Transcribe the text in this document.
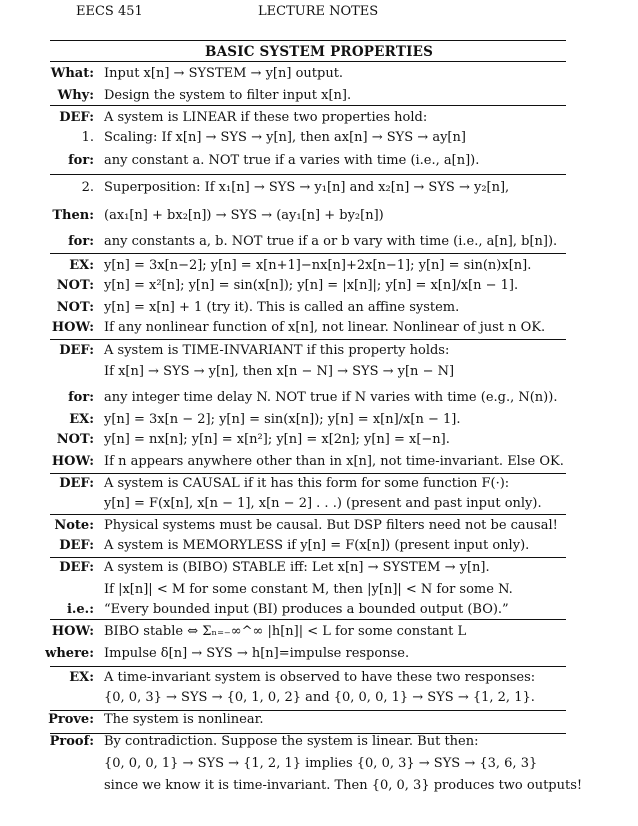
EECS 451	LECTURE NOTES
BASIC SYSTEM PROPERTIES
What: Input x[n] → SYSTEM → y[n] output.
Why: Design the system to filter input x[n].
DEF: A system is LINEAR if these two properties hold:
1. Scaling: If x[n] → SYS → y[n], then ax[n] → SYS → ay[n]
for: any constant a. NOT true if a varies with time (i.e., a[n]).
2. Superposition: If x₁[n] → SYS → y₁[n] and x₂[n] → SYS → y₂[n],
Then: (ax₁[n] + bx₂[n]) → SYS → (ay₁[n] + by₂[n])
for: any constants a, b. NOT true if a or b vary with time (i.e., a[n], b[n]).
EX: y[n] = 3x[n−2]; y[n] = x[n+1]−nx[n]+2x[n−1]; y[n] = sin(n)x[n].
NOT: y[n] = x²[n]; y[n] = sin(x[n]); y[n] = |x[n]|; y[n] = x[n]/x[n − 1].
NOT: y[n] = x[n] + 1 (try it). This is called an affine system.
HOW: If any nonlinear function of x[n], not linear. Nonlinear of just n OK.
DEF: A system is TIME-INVARIANT if this property holds:
If x[n] → SYS → y[n], then x[n − N] → SYS → y[n − N]
for: any integer time delay N. NOT true if N varies with time (e.g., N(n)).
EX: y[n] = 3x[n − 2]; y[n] = sin(x[n]); y[n] = x[n]/x[n − 1].
NOT: y[n] = nx[n]; y[n] = x[n²]; y[n] = x[2n]; y[n] = x[−n].
HOW: If n appears anywhere other than in x[n], not time-invariant. Else OK.
DEF: A system is CAUSAL if it has this form for some function F(·):
y[n] = F(x[n], x[n − 1], x[n − 2] . . .) (present and past input only).
Note: Physical systems must be causal. But DSP filters need not be causal!
DEF: A system is MEMORYLESS if y[n] = F(x[n]) (present input only).
DEF: A system is (BIBO) STABLE iff: Let x[n] → SYSTEM → y[n].
If |x[n]| < M for some constant M, then |y[n]| < N for some N.
i.e.: “Every bounded input (BI) produces a bounded output (BO).”
HOW: BIBO stable ⇔ Σₙ₌₋∞^∞ |h[n]| < L for some constant L
where: Impulse δ[n] → SYS → h[n]=impulse response.
EX: A time-invariant system is observed to have these two responses:
{0, 0, 3} → SYS → {0, 1, 0, 2} and {0, 0, 0, 1} → SYS → {1, 2, 1}.
Prove: The system is nonlinear.
Proof: By contradiction. Suppose the system is linear. But then:
{0, 0, 0, 1} → SYS → {1, 2, 1} implies {0, 0, 3} → SYS → {3, 6, 3}
since we know it is time-invariant. Then {0, 0, 3} produces two outputs!
